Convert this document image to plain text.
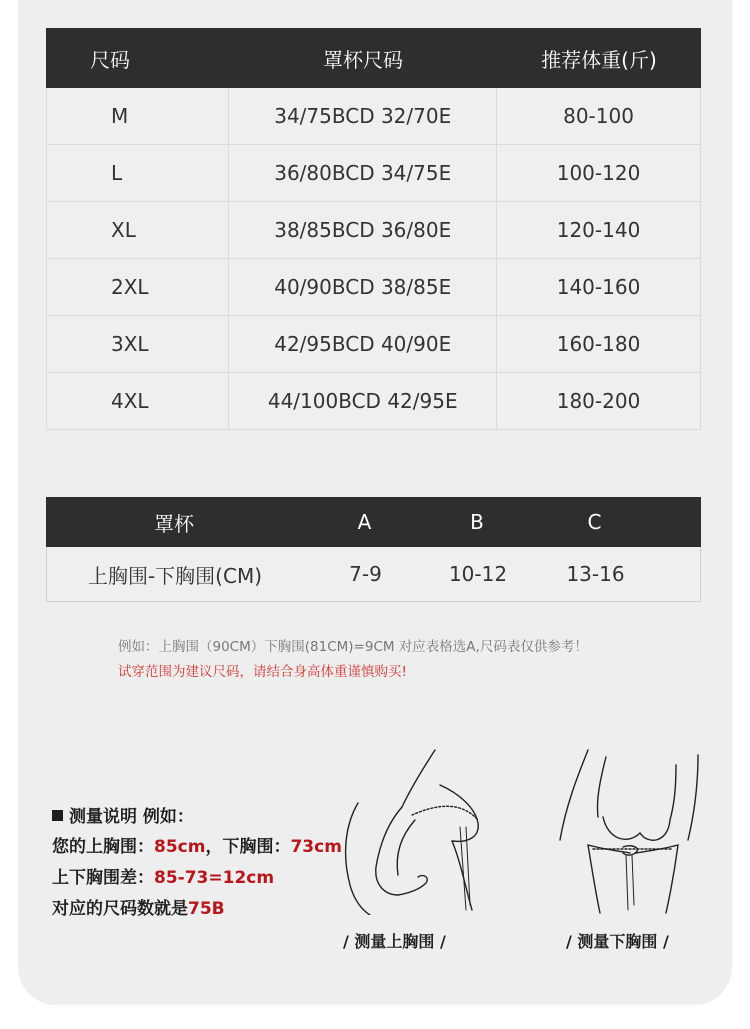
尺码	罩杯尺码	推荐体重(斤)
M	34/75BCD 32/70E	80-100
L	36/80BCD 34/75E	100-120
XL	38/85BCD 36/80E	120-140
2XL	40/90BCD 38/85E	140-160
3XL	42/95BCD 40/90E	160-180
4XL	44/100BCD 42/95E	180-200
罩杯	A	B	C
上胸围-下胸围(CM)	7-9	10-12	13-16
例如：上胸围（90CM）下胸围(81CM)=9CM 对应表格选A,尺码表仅供参考！
试穿范围为建议尺码，请结合身高体重谨慎购买!
测量说明 例如：
您的上胸围：85cm，下胸围：73cm
上下胸围差：85-73=12cm
对应的尺码数就是75B
/ 测量上胸围 /	/ 测量下胸围 /
